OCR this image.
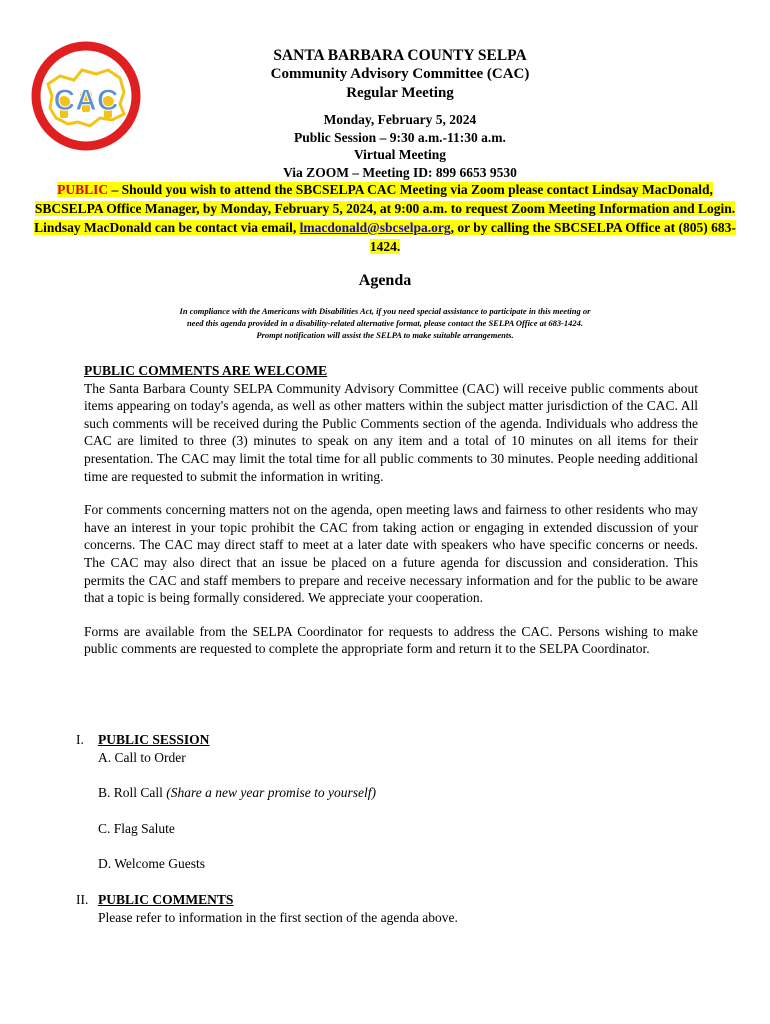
CAC
SANTA BARBARA COUNTY SELPA
Community Advisory Committee (CAC)
Regular Meeting
Monday, February 5, 2024
Public Session – 9:30 a.m.-11:30 a.m.
Virtual Meeting
Via ZOOM – Meeting ID: 899 6653 9530
PUBLIC – Should you wish to attend the SBCSELPA CAC Meeting via Zoom please contact Lindsay MacDonald, SBCSELPA Office Manager, by Monday, February 5, 2024, at 9:00 a.m. to request Zoom Meeting Information and Login. Lindsay MacDonald can be contact via email, lmacdonald@sbcselpa.org, or by calling the SBCSELPA Office at (805) 683-1424.
Agenda
In compliance with the Americans with Disabilities Act, if you need special assistance to participate in this meeting or
need this agenda provided in a disability-related alternative format, please contact the SELPA Office at 683-1424.
Prompt notification will assist the SELPA to make suitable arrangements.
PUBLIC COMMENTS ARE WELCOME

The Santa Barbara County SELPA Community Advisory Committee (CAC) will receive public comments about items appearing on today's agenda, as well as other matters within the subject matter jurisdiction of the CAC. All such comments will be received during the Public Comments section of the agenda. Individuals who address the CAC are limited to three (3) minutes to speak on any item and a total of 10 minutes on all items for their presentation. The CAC may limit the total time for all public comments to 30 minutes. People needing additional time are requested to submit the information in writing.

For comments concerning matters not on the agenda, open meeting laws and fairness to other residents who may have an interest in your topic prohibit the CAC from taking action or engaging in extended discussion of your concerns. The CAC may direct staff to meet at a later date with speakers who have specific concerns or needs. The CAC may also direct that an issue be placed on a future agenda for discussion and consideration. This permits the CAC and staff members to prepare and receive necessary information and for the public to be aware that a topic is being formally considered. We appreciate your cooperation.

Forms are available from the SELPA Coordinator for requests to address the CAC. Persons wishing to make public comments are requested to complete the appropriate form and return it to the SELPA Coordinator.

I.	PUBLIC SESSION
A. Call to Order
B. Roll Call (Share a new year promise to yourself)
C. Flag Salute
D. Welcome Guests
II. PUBLIC COMMENTS
Please refer to information in the first section of the agenda above.
